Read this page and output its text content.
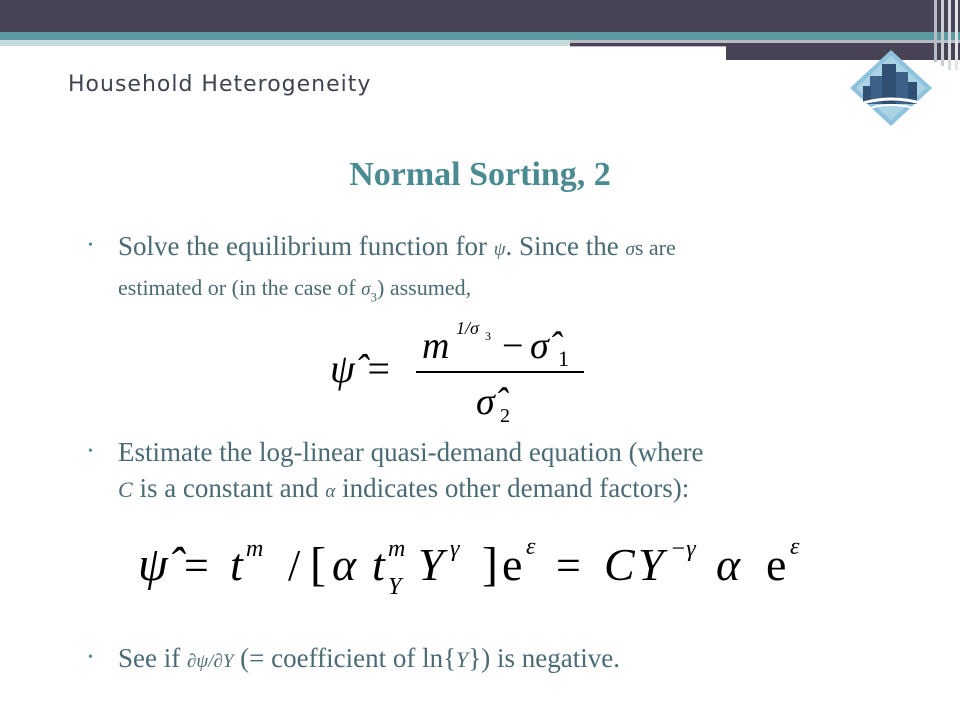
Household Heterogeneity
Normal Sorting, 2
• Solve the equilibrium function for ψ. Since the σs are
estimated or (in the case of $\sigma_3$) assumed,
ψ̂ = m 1/σ 3 − σ̂ 1
σ̂ 2
• Estimate the log-linear quasi-demand equation (where
C is a constant and α indicates other demand factors):
ψ̂ = t m / [ α t m
Y Y γ ] e ε = C Y −γ α e ε
• See if ∂ψ/∂Y (= coefficient of ln{Y}) is negative.
